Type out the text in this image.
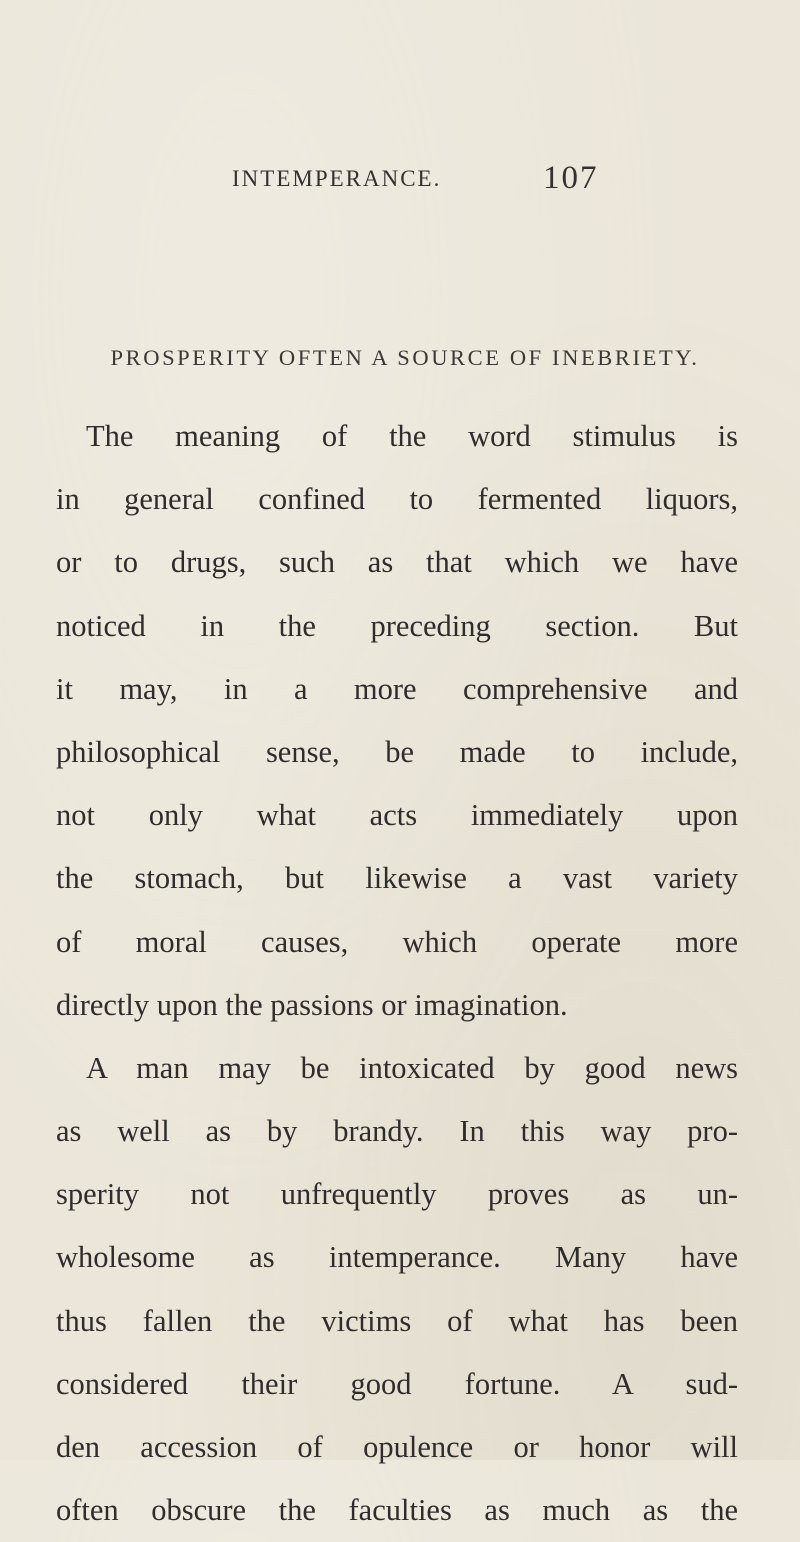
INTEMPERANCE.	107
PROSPERITY OFTEN A SOURCE OF INEBRIETY.
The meaning of the word stimulus is
in general confined to fermented liquors,
or to drugs, such as that which we have
noticed in the preceding section. But
it may, in a more comprehensive and
philosophical sense, be made to include,
not only what acts immediately upon
the stomach, but likewise a vast variety
of moral causes, which operate more
directly upon the passions or imagination.
A man may be intoxicated by good news
as well as by brandy. In this way pro-
sperity not unfrequently proves as un-
wholesome as intemperance. Many have
thus fallen the victims of what has been
considered their good fortune. A sud-
den accession of opulence or honor will
often obscure the faculties as much as the
